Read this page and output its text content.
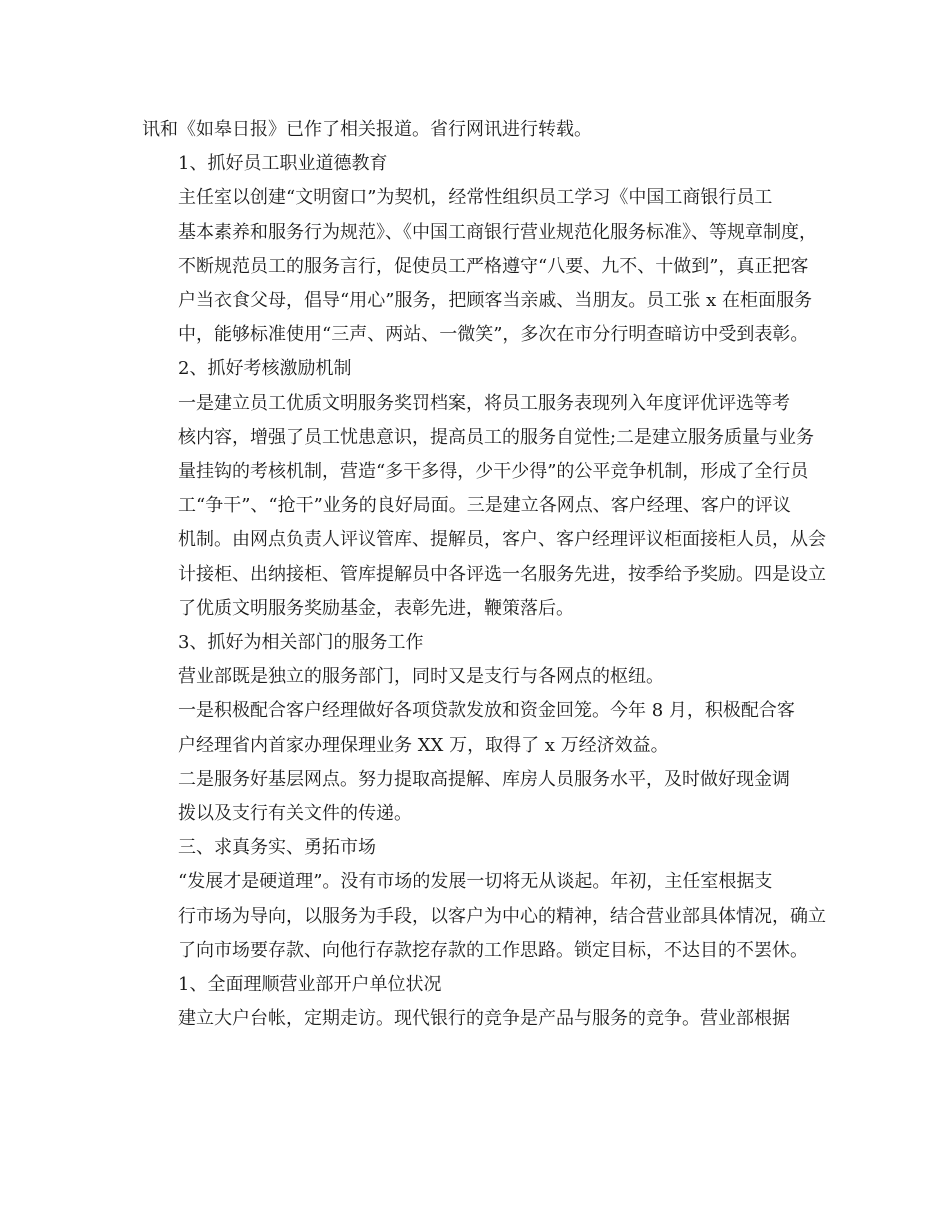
讯和《如皋日报》已作了相关报道。省行网讯进行转载。
1、抓好员工职业道德教育
主任室以创建“文明窗口”为契机，经常性组织员工学习《中国工商银行员工
基本素养和服务行为规范》、《中国工商银行营业规范化服务标准》、等规章制度，
不断规范员工的服务言行，促使员工严格遵守“八要、九不、十做到”，真正把客
户当衣食父母，倡导“用心”服务，把顾客当亲戚、当朋友。员工张 x 在柜面服务
中，能够标准使用“三声、两站、一微笑”，多次在市分行明查暗访中受到表彰。
2、抓好考核激励机制
一是建立员工优质文明服务奖罚档案，将员工服务表现列入年度评优评选等考
核内容，增强了员工忧患意识，提高员工的服务自觉性;二是建立服务质量与业务
量挂钩的考核机制，营造“多干多得，少干少得”的公平竞争机制，形成了全行员
工“争干”、“抢干”业务的良好局面。三是建立各网点、客户经理、客户的评议
机制。由网点负责人评议管库、提解员，客户、客户经理评议柜面接柜人员，从会
计接柜、出纳接柜、管库提解员中各评选一名服务先进，按季给予奖励。四是设立
了优质文明服务奖励基金，表彰先进，鞭策落后。
3、抓好为相关部门的服务工作
营业部既是独立的服务部门，同时又是支行与各网点的枢纽。
一是积极配合客户经理做好各项贷款发放和资金回笼。今年 8 月，积极配合客
户经理省内首家办理保理业务 XX 万，取得了 x 万经济效益。
二是服务好基层网点。努力提取高提解、库房人员服务水平，及时做好现金调
拨以及支行有关文件的传递。
三、求真务实、勇拓市场
“发展才是硬道理”。没有市场的发展一切将无从谈起。年初，主任室根据支
行市场为导向，以服务为手段，以客户为中心的精神，结合营业部具体情况，确立
了向市场要存款、向他行存款挖存款的工作思路。锁定目标，不达目的不罢休。
1、全面理顺营业部开户单位状况
建立大户台帐，定期走访。现代银行的竞争是产品与服务的竞争。营业部根据
